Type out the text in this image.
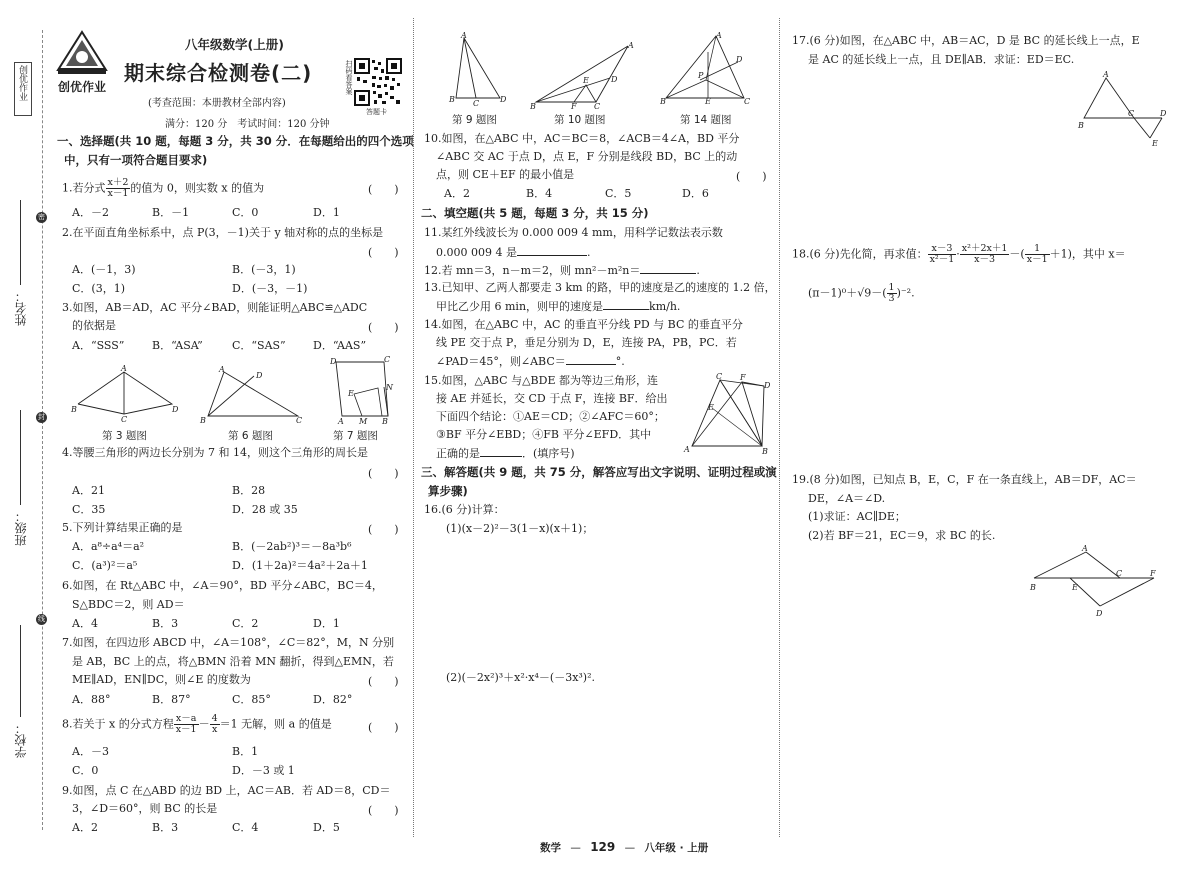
创优作业
姓名：
班级：
学校：
密
封
线
创优作业
八年级数学(上册)
期末综合检测卷(二)
(考查范围：本册教材全部内容)
满分：120 分　考试时间：120 分钟
扫码看答案
答题卡
一、选择题(共 10 题，每题 3 分，共 30 分．在每题给出的四个选项
中，只有一项符合题目要求)
1.若分式 $\frac{x+2}{x-1}$ 的值为 0，则实数 x 的值为	(　　)
A．－2	B．－1	C．0	D．1
2.在平面直角坐标系中，点 P(3，－1)关于 y 轴对称的点的坐标是
(　　)
A．(－1，3)	B．(－3，1)
C．(3，1)	D．(－3，－1)
3.如图，AB＝AD，AC 平分∠BAD，则能证明△ABC≌△ADC
的依据是	(　　)
A．“SSS”	B．“ASA”	C．“SAS” D．“AAS”
A
B
C
D
A
B	C
D
D	C
E
N
A M B
第 3 题图	第 6 题图	第 7 题图
4.等腰三角形的两边长分别为 7 和 14，则这个三角形的周长是
(　　)
A．21	B．28
C．35	D．28 或 35
5.下列计算结果正确的是	(　　)
A．a⁸÷a⁴＝a²	B．(－2ab²)³＝－8a³b⁶
C．(a³)²＝a⁵	D．(1＋2a)²＝4a²＋2a＋1
6.如图，在 Rt△ABC 中，∠A＝90°，BD 平分∠ABC，BC＝4，
S△BDC＝2，则 AD＝
A．4	B．3	C．2	D．1
7.如图，在四边形 ABCD 中，∠A＝108°，∠C＝82°，M，N 分别
是 AB，BC 上的点，将△BMN 沿着 MN 翻折，得到△EMN，若
ME∥AD，EN∥DC，则∠E 的度数为	(　　)
A．88°	B．87°	C．85°	D．82°
8.若关于 x 的分式方程 $\frac{x-a}{x-1} - \frac{4}{x} =1$ 无解，则 a 的值是	(　　)
A．－3	B．1
C．0	D．－3 或 1
9.如图，点 C 在△ABD 的边 BD 上，AC＝AB．若 AD＝8，CD＝
3，∠D＝60°，则 BC 的长是	(　　)
A．2	B．3	C．4	D．5
A
B C	D
A
B	C
D
E
F
A
B	C
D
E
P
第 9 题图	第 10 题图	第 14 题图
10.如图，在△ABC 中，AC＝BC＝8，∠ACB＝4∠A，BD 平分
∠ABC 交 AC 于点 D，点 E，F 分别是线段 BD，BC 上的动
点，则 CE＋EF 的最小值是	(　　)
A．2	B．4	C．5	D．6
二、填空题(共 5 题，每题 3 分，共 15 分)
11.某红外线波长为 0.000 009 4 mm，用科学记数法表示数
0.000 009 4 是	.
12.若 mn＝3，n－m＝2，则 mn²－m²n＝	.
13.已知甲、乙两人都要走 3 km 的路，甲的速度是乙的速度的 1.2 倍，
甲比乙少用 6 min，则甲的速度是	km/h.
14.如图，在△ABC 中，AC 的垂直平分线 PD 与 BC 的垂直平分
线 PE 交于点 P，垂足分别为 D，E，连接 PA，PB，PC．若
∠PAD＝45°，则∠ABC＝	°.
15.如图，△ABC 与△BDE 都为等边三角形，连
接 AE 并延长，交 CD 于点 F，连接 BF．给出
下面四个结论：①AE＝CD；②∠AFC＝60°；
③BF 平分∠EBD；④FB 平分∠EFD．其中
正确的是	．(填序号)	A	B
C
D
F
E
三、解答题(共 9 题，共 75 分，解答应写出文字说明、证明过程或演
算步骤)
16.(6 分)计算：
(1)(x－2)²－3(1－x)(x＋1)；
(2)(－2x²)³＋x²·x⁴－(－3x³)².
17.(6 分)如图，在△ABC 中，AB＝AC，D 是 BC 的延长线上一点，E
是 AC 的延长线上一点，且 DE∥AB．求证：ED＝EC.
A
B
C	D
E
18.(6 分)先化简，再求值： $\frac{x-3}{\text{x²－1}} \cdot \frac{\text{x²＋2x＋1}}{x-3}$ －( $\frac{1}{x-1} +1$)，其中 x＝
$(\pi-1)^0+√9-( \frac{1}{3} )^{-2}$.
19.(8 分)如图，已知点 B，E，C，F 在一条直线上，AB＝DF，AC＝
DE，∠A＝∠D.
(1)求证：AC∥DE；
(2)若 BF＝21，EC＝9，求 BC 的长.
A
B	E
C	F
D
数学 — 129 — 八年级 · 上册
